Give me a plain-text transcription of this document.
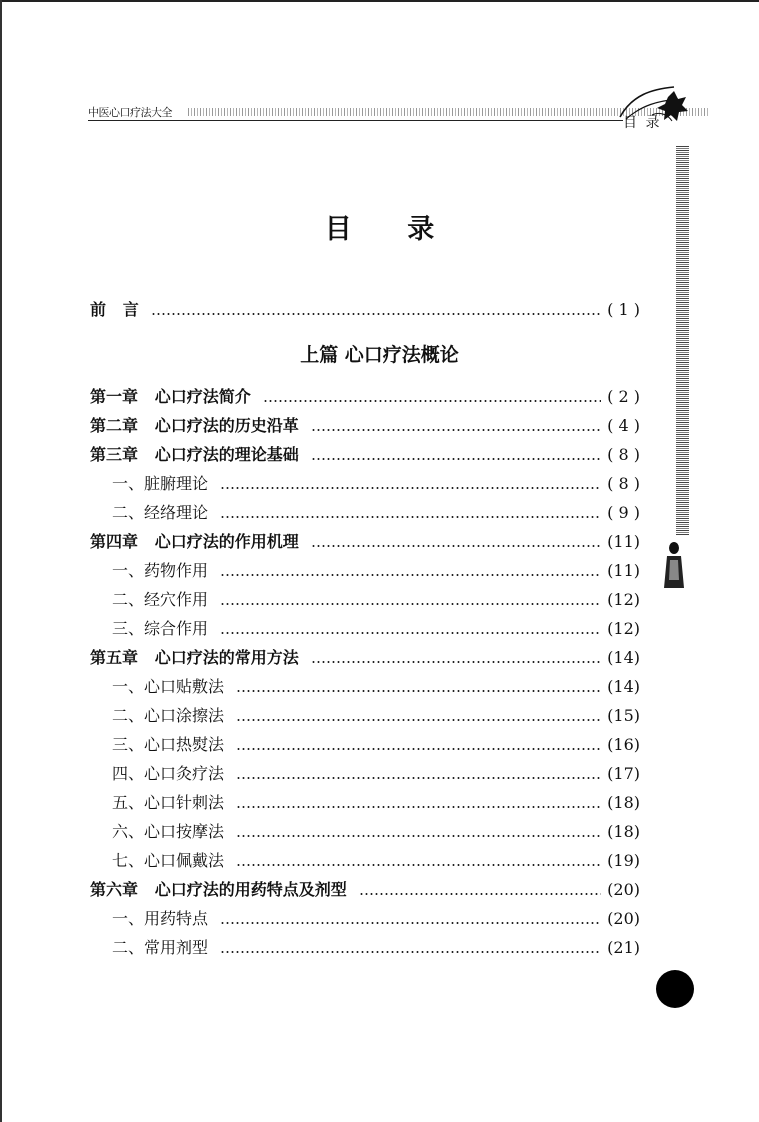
中医心口疗法大全
目 录
目 录
前   言	( 1 )
上篇 心口疗法概论
第一章   心口疗法简介	( 2 )
第二章   心口疗法的历史沿革	( 4 )
第三章   心口疗法的理论基础	( 8 )
一、脏腑理论	( 8 )
二、经络理论	( 9 )
第四章   心口疗法的作用机理	(11)
一、药物作用	(11)
二、经穴作用	(12)
三、综合作用	(12)
第五章   心口疗法的常用方法	(14)
一、心口贴敷法	(14)
二、心口涂擦法	(15)
三、心口热熨法	(16)
四、心口灸疗法	(17)
五、心口针刺法	(18)
六、心口按摩法	(18)
七、心口佩戴法	(19)
第六章   心口疗法的用药特点及剂型	(20)
一、用药特点	(20)
二、常用剂型	(21)
